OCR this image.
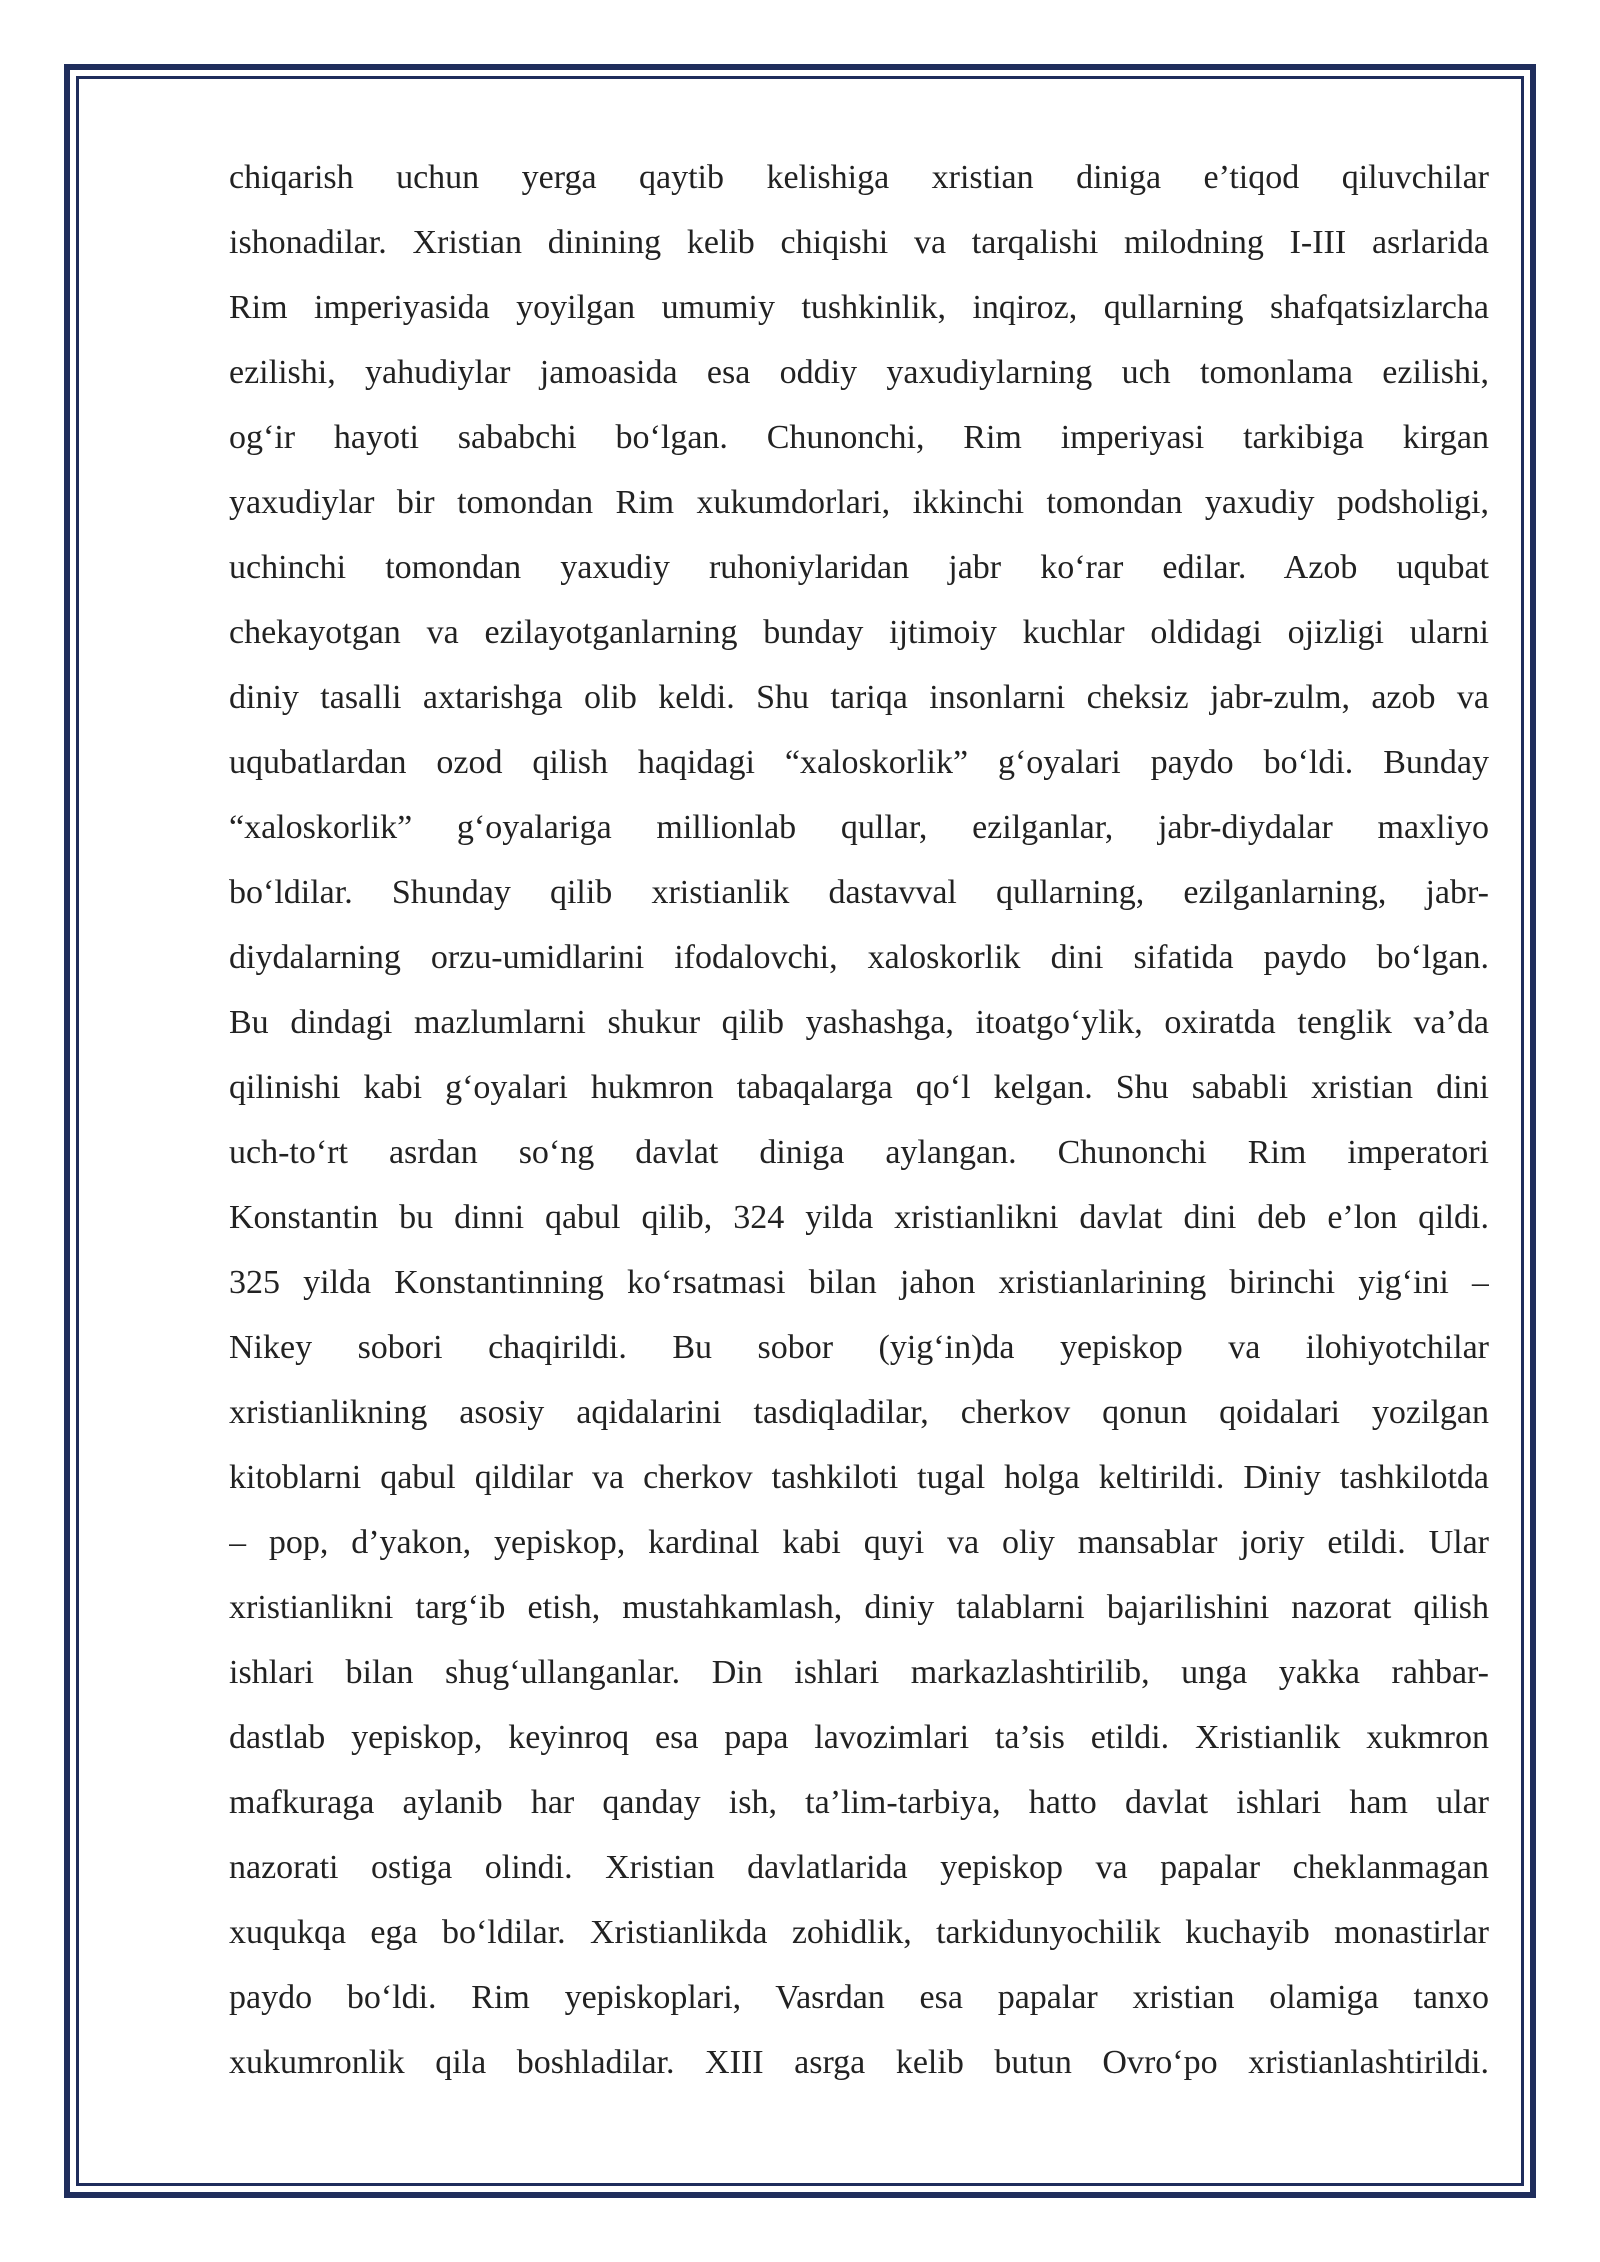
chiqarish uchun yerga qaytib kelishiga xristian diniga e’tiqod qiluvchilar
ishonadilar. Xristian dinining kelib chiqishi va tarqalishi milodning I-III asrlarida
Rim imperiyasida yoyilgan umumiy tushkinlik, inqiroz, qullarning shafqatsizlarcha
ezilishi, yahudiylar jamoasida esa oddiy yaxudiylarning uch tomonlama ezilishi,
og‘ir hayoti sababchi bo‘lgan. Chunonchi, Rim imperiyasi tarkibiga kirgan
yaxudiylar bir tomondan Rim xukumdorlari, ikkinchi tomondan yaxudiy podsholigi,
uchinchi tomondan yaxudiy ruhoniylaridan jabr ko‘rar edilar. Azob uqubat
chekayotgan va ezilayotganlarning bunday ijtimoiy kuchlar oldidagi ojizligi ularni
diniy tasalli axtarishga olib keldi. Shu tariqa insonlarni cheksiz jabr-zulm, azob va
uqubatlardan ozod qilish haqidagi “xaloskorlik” g‘oyalari paydo bo‘ldi. Bunday
“xaloskorlik” g‘oyalariga millionlab qullar, ezilganlar, jabr-diydalar maxliyo
bo‘ldilar. Shunday qilib xristianlik dastavval qullarning, ezilganlarning, jabr-
diydalarning orzu-umidlarini ifodalovchi, xaloskorlik dini sifatida paydo bo‘lgan.
Bu dindagi mazlumlarni shukur qilib yashashga, itoatgo‘ylik, oxiratda tenglik va’da
qilinishi kabi g‘oyalari hukmron tabaqalarga qo‘l kelgan. Shu sababli xristian dini
uch-to‘rt asrdan so‘ng davlat diniga aylangan. Chunonchi Rim imperatori
Konstantin bu dinni qabul qilib, 324 yilda xristianlikni davlat dini deb e’lon qildi.
325 yilda Konstantinning ko‘rsatmasi bilan jahon xristianlarining birinchi yig‘ini –
Nikey sobori chaqirildi. Bu sobor (yig‘in)da yepiskop va ilohiyotchilar
xristianlikning asosiy aqidalarini tasdiqladilar, cherkov qonun qoidalari yozilgan
kitoblarni qabul qildilar va cherkov tashkiloti tugal holga keltirildi. Diniy tashkilotda
– pop, d’yakon, yepiskop, kardinal kabi quyi va oliy mansablar joriy etildi. Ular
xristianlikni targ‘ib etish, mustahkamlash, diniy talablarni bajarilishini nazorat qilish
ishlari bilan shug‘ullanganlar. Din ishlari markazlashtirilib, unga yakka rahbar-
dastlab yepiskop, keyinroq esa papa lavozimlari ta’sis etildi. Xristianlik xukmron
mafkuraga aylanib har qanday ish, ta’lim-tarbiya, hatto davlat ishlari ham ular
nazorati ostiga olindi. Xristian davlatlarida yepiskop va papalar cheklanmagan
xuqukqa ega bo‘ldilar. Xristianlikda zohidlik, tarkidunyochilik kuchayib monastirlar
paydo bo‘ldi. Rim yepiskoplari, Vasrdan esa papalar xristian olamiga tanxo
xukumronlik qila boshladilar. XIII asrga kelib butun Ovro‘po xristianlashtirildi.
